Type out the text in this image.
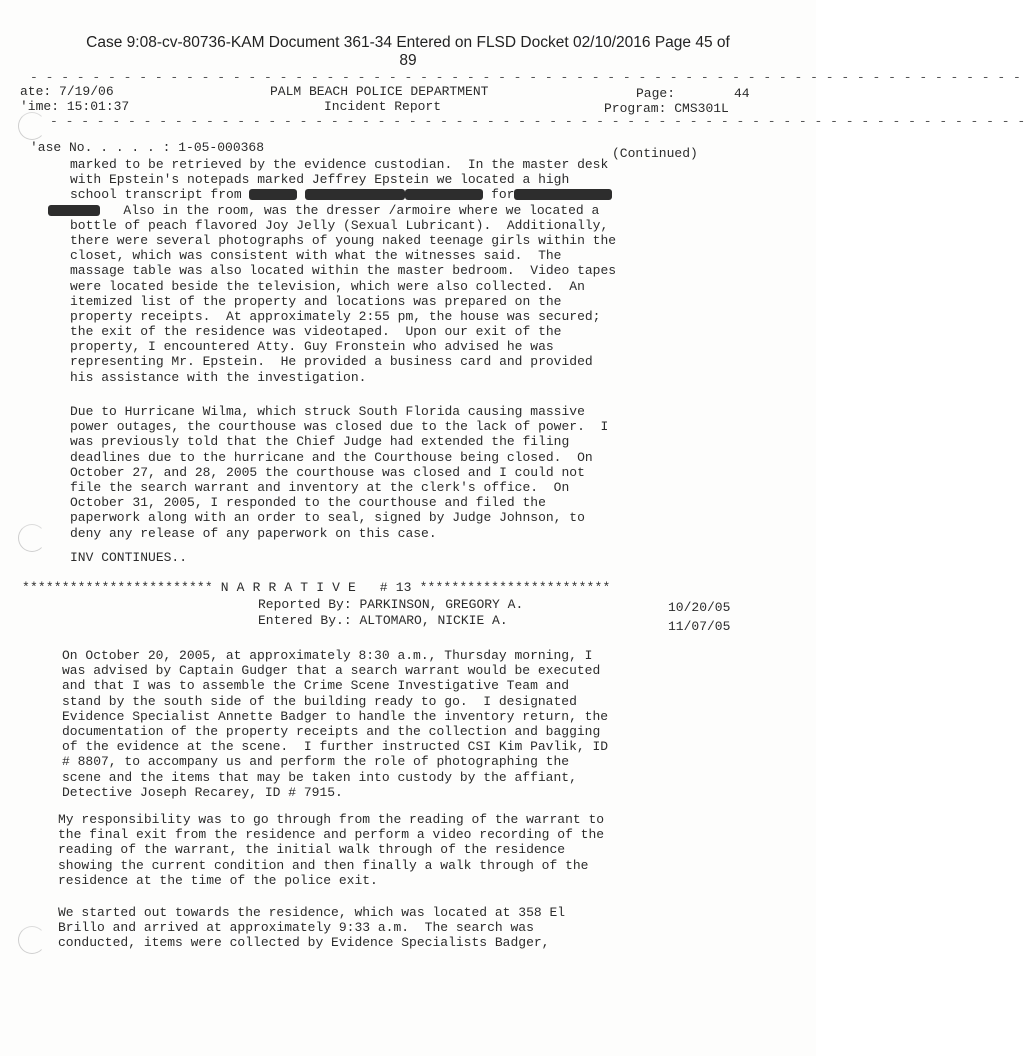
Case 9:08-cv-80736-KAM Document 361-34 Entered on FLSD Docket 02/10/2016 Page 45 of
89
- - - - - - - - - - - - - - - - - - - - - - - - - - - - - - - - - - - - - - - - - - - - - - - - - - - - - - - - - - - - - - - -
ate: 7/19/06
'ime: 15:01:37
PALM BEACH POLICE DEPARTMENT
Incident Report
Page:	44
Program: CMS301L
- - - - - - - - - - - - - - - - - - - - - - - - - - - - - - - - - - - - - - - - - - - - - - - - - - - - - - - - - - - - - - -
'ase No. . . . . : 1-05-000368	(Continued)
marked to be retrieved by the evidence custodian.  In the master desk
with Epstein's notepads marked Jeffrey Epstein we located a high
school transcript from	for
Also in the room, was the dresser /armoire where we located a
bottle of peach flavored Joy Jelly (Sexual Lubricant).  Additionally,
there were several photographs of young naked teenage girls within the
closet, which was consistent with what the witnesses said.  The
massage table was also located within the master bedroom.  Video tapes
were located beside the television, which were also collected.  An
itemized list of the property and locations was prepared on the
property receipts.  At approximately 2:55 pm, the house was secured;
the exit of the residence was videotaped.  Upon our exit of the
property, I encountered Atty. Guy Fronstein who advised he was
representing Mr. Epstein.  He provided a business card and provided
his assistance with the investigation.
Due to Hurricane Wilma, which struck South Florida causing massive
power outages, the courthouse was closed due to the lack of power.  I
was previously told that the Chief Judge had extended the filing
deadlines due to the hurricane and the Courthouse being closed.  On
October 27, and 28, 2005 the courthouse was closed and I could not
file the search warrant and inventory at the clerk's office.  On
October 31, 2005, I responded to the courthouse and filed the
paperwork along with an order to seal, signed by Judge Johnson, to
deny any release of any paperwork on this case.
INV CONTINUES..
************************ N A R R A T I V E   # 13 ************************
Reported By: PARKINSON, GREGORY A.	10/20/05
Entered By.: ALTOMARO, NICKIE A.	11/07/05
On October 20, 2005, at approximately 8:30 a.m., Thursday morning, I
was advised by Captain Gudger that a search warrant would be executed
and that I was to assemble the Crime Scene Investigative Team and
stand by the south side of the building ready to go.  I designated
Evidence Specialist Annette Badger to handle the inventory return, the
documentation of the property receipts and the collection and bagging
of the evidence at the scene.  I further instructed CSI Kim Pavlik, ID
# 8807, to accompany us and perform the role of photographing the
scene and the items that may be taken into custody by the affiant,
Detective Joseph Recarey, ID # 7915.
My responsibility was to go through from the reading of the warrant to
the final exit from the residence and perform a video recording of the
reading of the warrant, the initial walk through of the residence
showing the current condition and then finally a walk through of the
residence at the time of the police exit.
We started out towards the residence, which was located at 358 El
Brillo and arrived at approximately 9:33 a.m.  The search was
conducted, items were collected by Evidence Specialists Badger,
